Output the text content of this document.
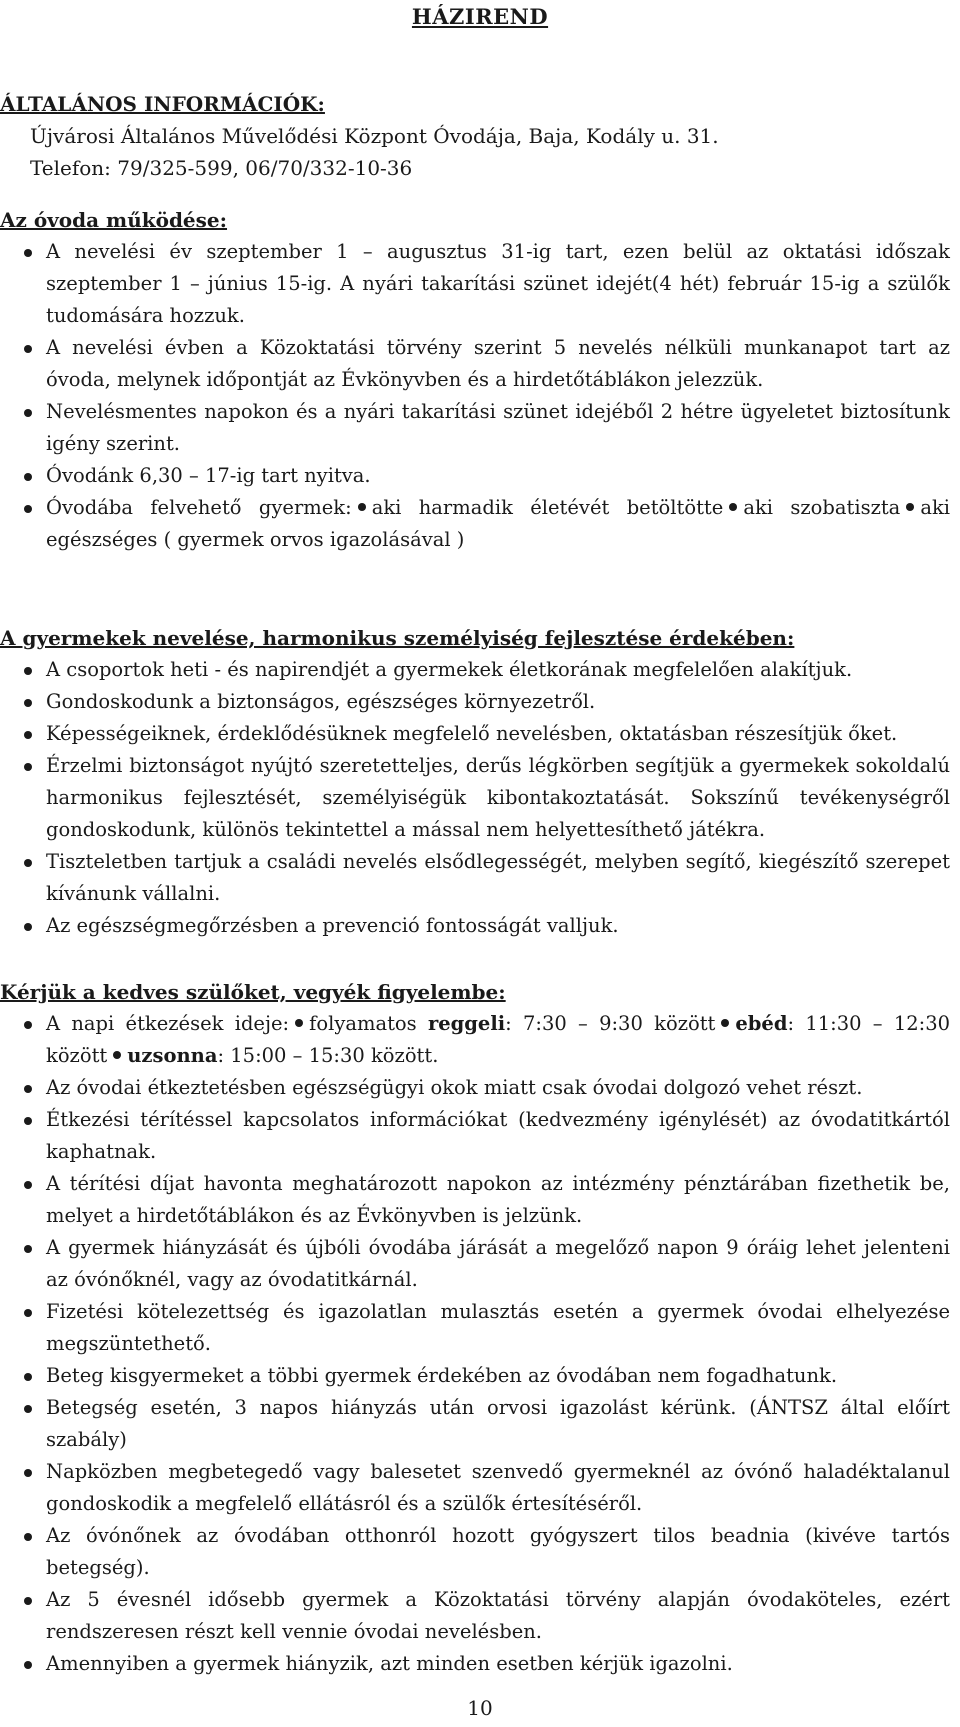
HÁZIREND

ÁLTALÁNOS INFORMÁCIÓK:

Újvárosi Általános Művelődési Központ Óvodája, Baja, Kodály u. 31.

Telefon: 79/325-599, 06/70/332-10-36

Az óvoda működése:

A nevelési év szeptember 1 – augusztus 31-ig tart, ezen belül az oktatási időszak szeptember 1 – június 15-ig. A nyári takarítási szünet idejét(4 hét) február 15-ig a szülők tudomására hozzuk.
A nevelési évben a Közoktatási törvény szerint 5 nevelés nélküli munkanapot tart az óvoda, melynek időpontját az Évkönyvben és a hirdetőtáblákon jelezzük.
Nevelésmentes napokon és a nyári takarítási szünet idejéből 2 hétre ügyeletet biztosítunk igény szerint.
Óvodánk 6,30 – 17-ig tart nyitva.
Óvodába felvehető gyermek: aki harmadik életévét betöltötte aki szobatiszta aki egészséges ( gyermek orvos igazolásával )

A gyermekek nevelése, harmonikus személyiség fejlesztése érdekében:

A csoportok heti - és napirendjét a gyermekek életkorának megfelelően alakítjuk.
Gondoskodunk a biztonságos, egészséges környezetről.
Képességeiknek, érdeklődésüknek megfelelő nevelésben, oktatásban részesítjük őket.
Érzelmi biztonságot nyújtó szeretetteljes, derűs légkörben segítjük a gyermekek sokoldalú harmonikus fejlesztését, személyiségük kibontakoztatását. Sokszínű tevékenységről gondoskodunk, különös tekintettel a mással nem helyettesíthető játékra.
Tiszteletben tartjuk a családi nevelés elsődlegességét, melyben segítő, kiegészítő szerepet kívánunk vállalni.
Az egészségmegőrzésben a prevenció fontosságát valljuk.

Kérjük a kedves szülőket, vegyék figyelembe:

A napi étkezések ideje: folyamatos reggeli: 7:30 – 9:30 között ebéd: 11:30 – 12:30 között uzsonna: 15:00 – 15:30 között.
Az óvodai étkeztetésben egészségügyi okok miatt csak óvodai dolgozó vehet részt.
Étkezési térítéssel kapcsolatos információkat (kedvezmény igénylését) az óvodatitkártól kaphatnak.
A térítési díjat havonta meghatározott napokon az intézmény pénztárában fizethetik be, melyet a hirdetőtáblákon és az Évkönyvben is jelzünk.
A gyermek hiányzását és újbóli óvodába járását a megelőző napon 9 óráig lehet jelenteni az óvónőknél, vagy az óvodatitkárnál.
Fizetési kötelezettség és igazolatlan mulasztás esetén a gyermek óvodai elhelyezése megszüntethető.
Beteg kisgyermeket a többi gyermek érdekében az óvodában nem fogadhatunk.
Betegség esetén, 3 napos hiányzás után orvosi igazolást kérünk. (ÁNTSZ által előírt szabály)
Napközben megbetegedő vagy balesetet szenvedő gyermeknél az óvónő haladéktalanul gondoskodik a megfelelő ellátásról és a szülők értesítéséről.
Az óvónőnek az óvodában otthonról hozott gyógyszert tilos beadnia (kivéve tartós betegség).
Az 5 évesnél idősebb gyermek a Közoktatási törvény alapján óvodaköteles, ezért rendszeresen részt kell vennie óvodai nevelésben.
Amennyiben a gyermek hiányzik, azt minden esetben kérjük igazolni.
10
